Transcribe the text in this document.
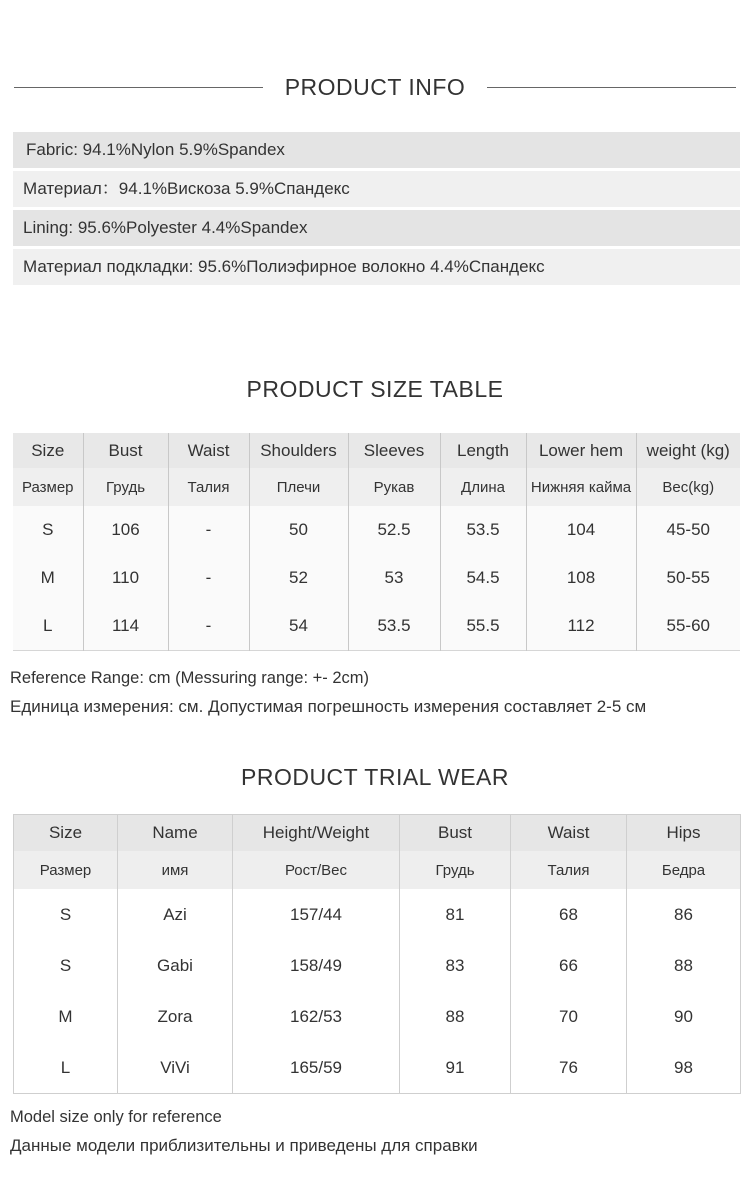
PRODUCT INFO
Fabric: 94.1%Nylon 5.9%Spandex
Материал：94.1%Вискоза 5.9%Спандекс
Lining: 95.6%Polyester 4.4%Spandex
Материал подкладки: 95.6%Полиэфирное волокно 4.4%Спандекс
PRODUCT SIZE TABLE
Size	Bust	Waist	Shoulders	Sleeves	Length	Lower hem	weight (kg)
Размер	Грудь	Талия	Плечи	Рукав	Длина	Нижняя кайма	Вес(kg)
S	106	-	50	52.5	53.5	104	45-50
M	110	-	52	53	54.5	108	50-55
L	114	-	54	53.5	55.5	112	55-60
Reference Range: cm (Messuring range: +- 2cm)
Единица измерения: см. Допустимая погрешность измерения составляет 2-5 см
PRODUCT TRIAL WEAR
Size	Name	Height/Weight	Bust	Waist	Hips
Размер	имя	Рост/Вес	Грудь	Талия	Бедра
S	Azi	157/44	81	68	86
S	Gabi	158/49	83	66	88
M	Zora	162/53	88	70	90
L	ViVi	165/59	91	76	98
Model size only for reference
Данные модели приблизительны и приведены для справки
